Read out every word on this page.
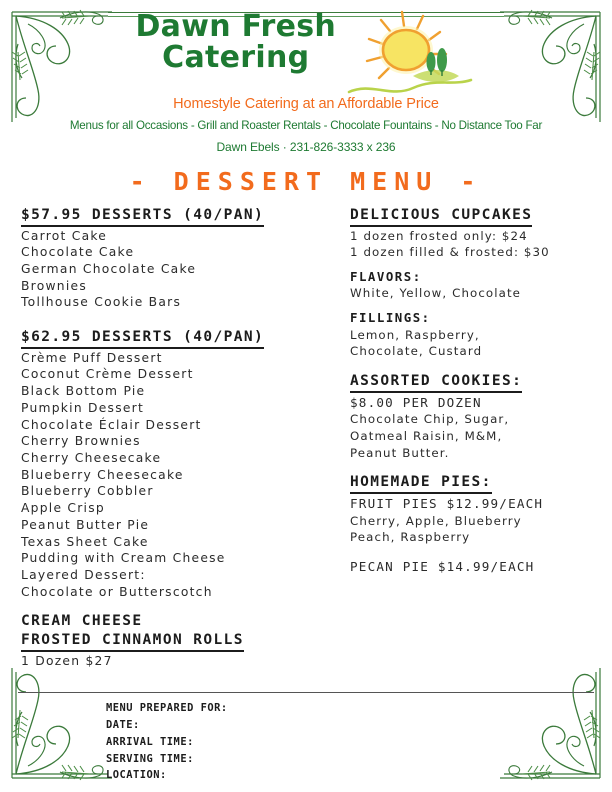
Dawn Fresh
Catering

Homestyle Catering at an Affordable Price
Menus for all Occasions - Grill and Roaster Rentals - Chocolate Fountains - No Distance Too Far
Dawn Ebels · 231-826-3333 x 236
- DESSERT MENU -
$57.95 DESSERTS (40/PAN)
Carrot Cake
Chocolate Cake
German Chocolate Cake
Brownies
Tollhouse Cookie Bars
$62.95 DESSERTS (40/PAN)
Crème Puff Dessert
Coconut Crème Dessert
Black Bottom Pie
Pumpkin Dessert
Chocolate Éclair Dessert
Cherry Brownies
Cherry Cheesecake
Blueberry Cheesecake
Blueberry Cobbler
Apple Crisp
Peanut Butter Pie
Texas Sheet Cake
Pudding with Cream Cheese
Layered Dessert:
Chocolate or Butterscotch
CREAM CHEESE
FROSTED CINNAMON ROLLS
1 Dozen $27
DELICIOUS CUPCAKES
1 dozen frosted only: $24
1 dozen filled & frosted: $30
FLAVORS:
White, Yellow, Chocolate
FILLINGS:
Lemon, Raspberry,
Chocolate, Custard
ASSORTED COOKIES:
$8.00 PER DOZEN
Chocolate Chip, Sugar,
Oatmeal Raisin, M&M,
Peanut Butter.
HOMEMADE PIES:
FRUIT PIES $12.99/EACH
Cherry, Apple, Blueberry
Peach, Raspberry
PECAN PIE $14.99/EACH
MENU PREPARED FOR:
DATE:
ARRIVAL TIME:
SERVING TIME:
LOCATION:
